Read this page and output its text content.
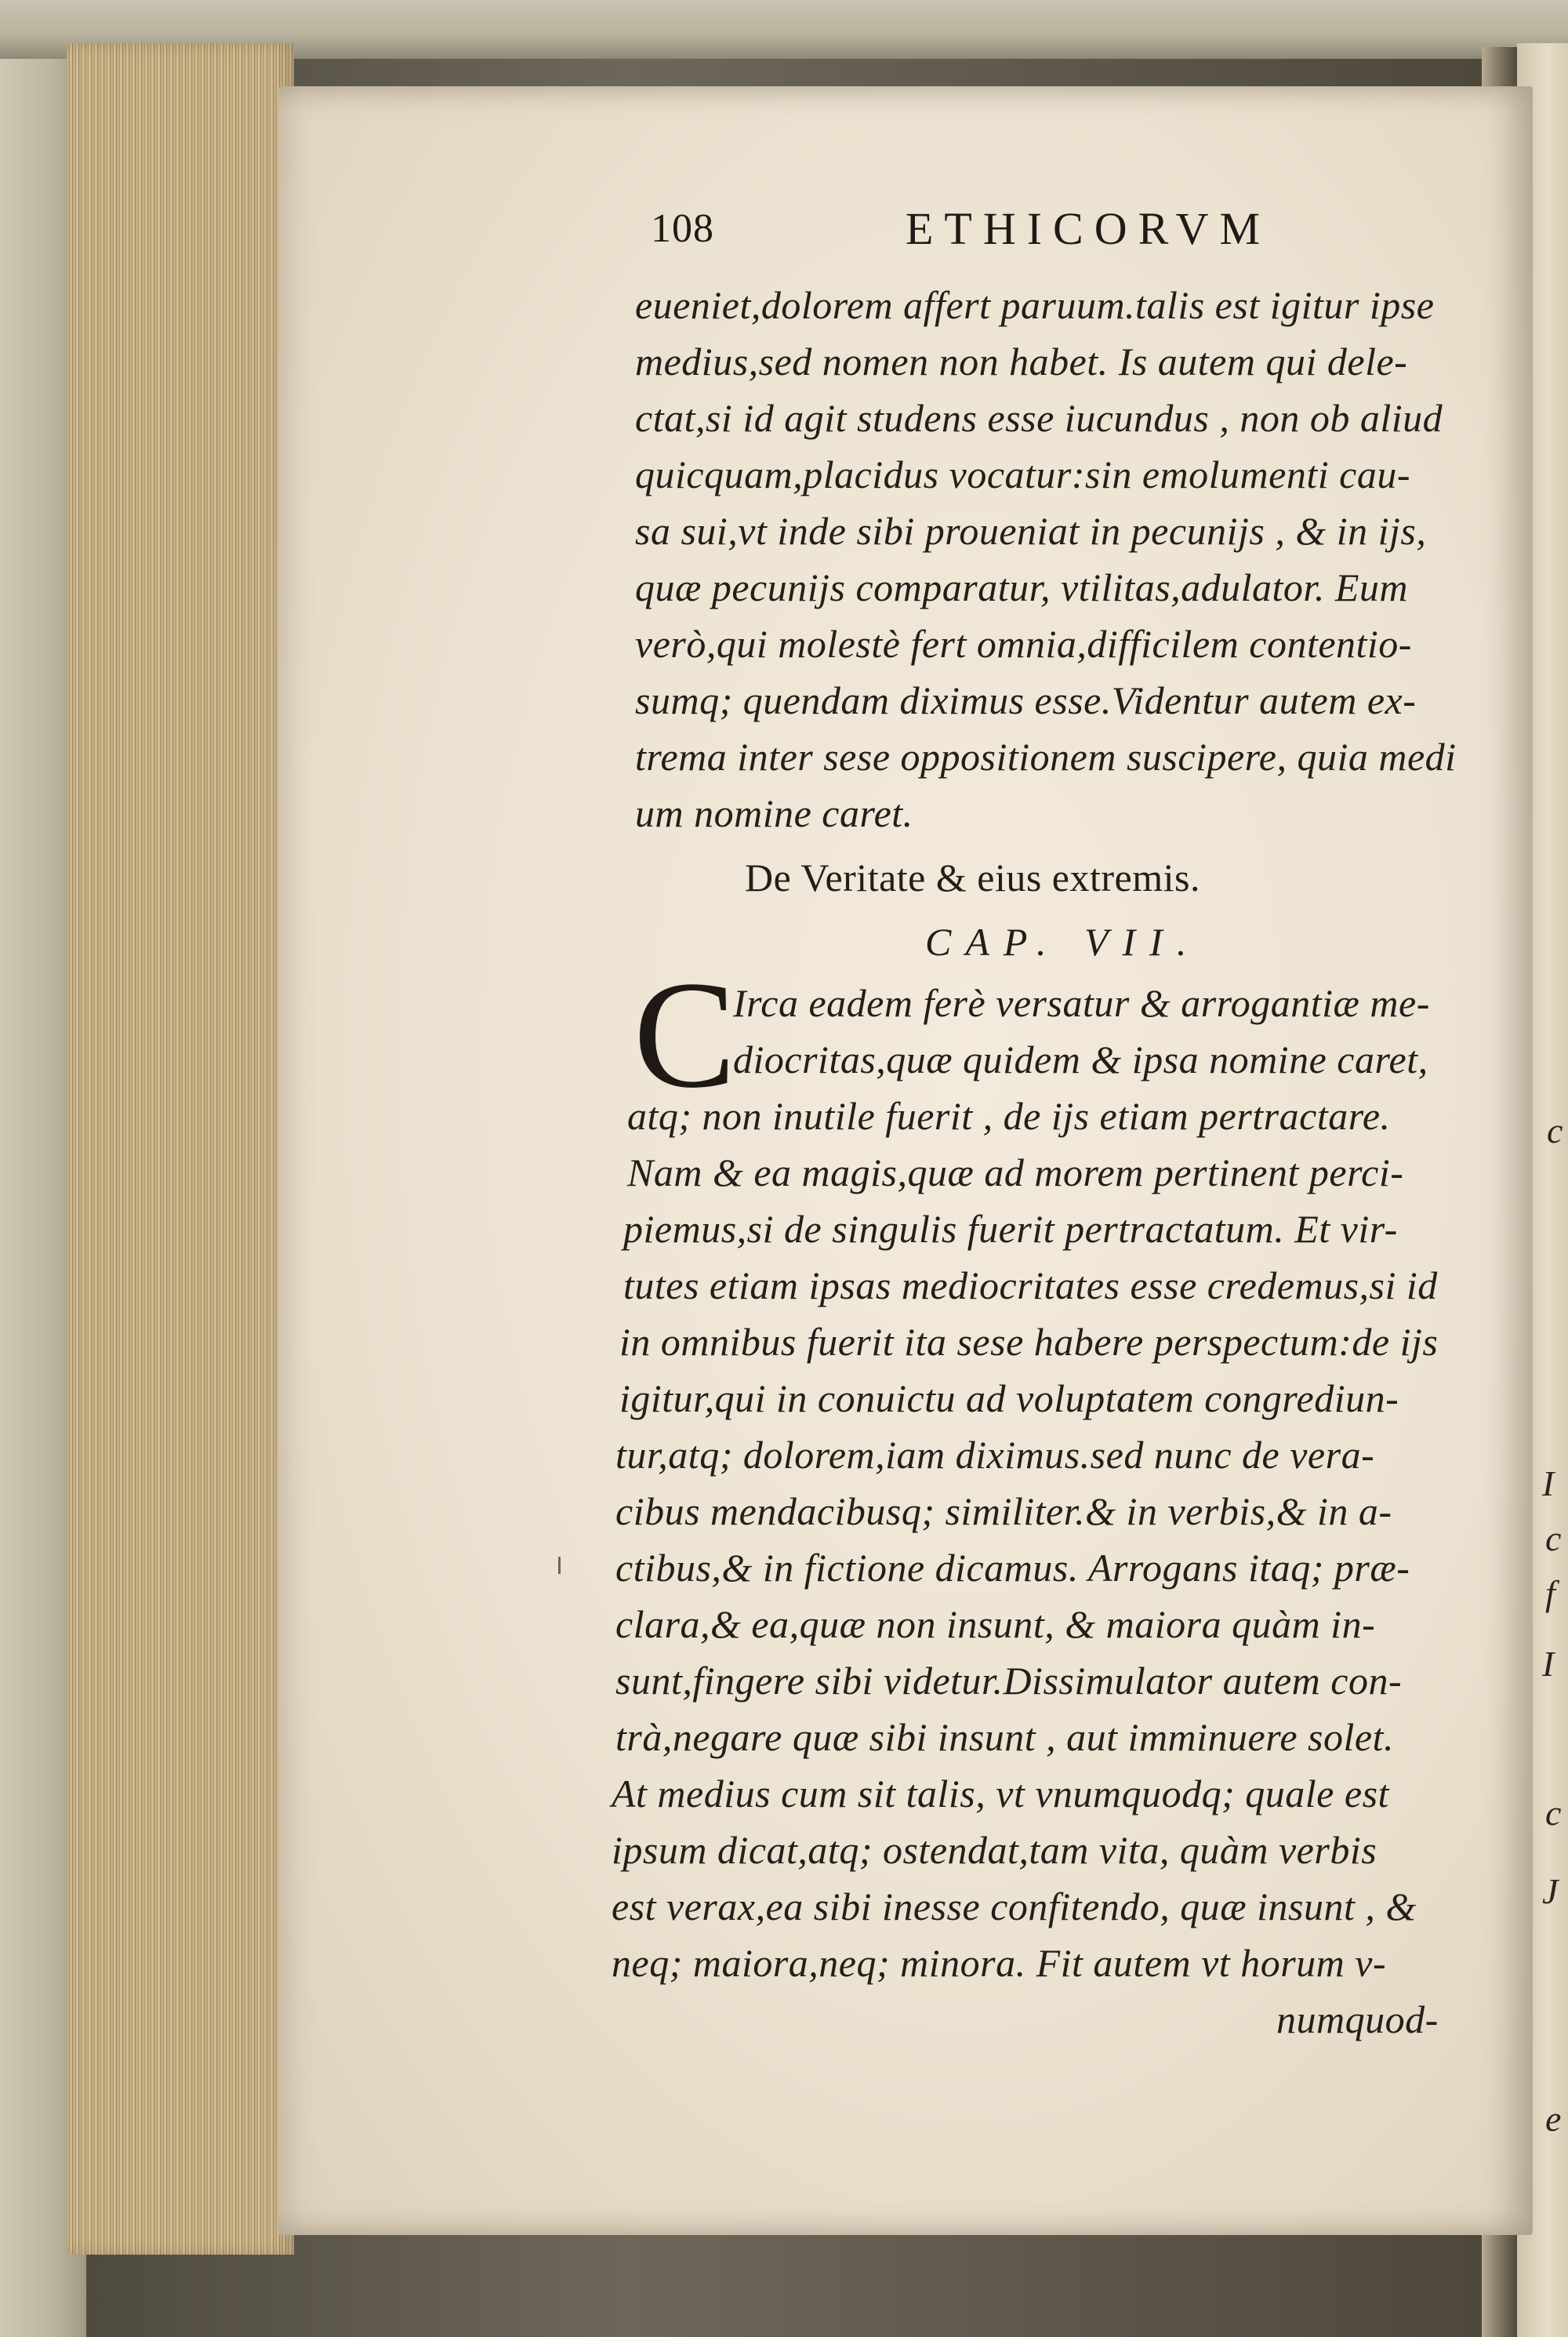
c
I
c
f
I
c
J
e
108	ETHICORVM
eueniet,dolorem affert paruum.talis est igitur ipse
medius,sed nomen non habet. Is autem qui dele-
ctat,si id agit studens esse iucundus , non ob aliud
quicquam,placidus vocatur:sin emolumenti cau-
sa sui,vt inde sibi proueniat in pecunijs , & in ijs,
quæ pecunijs comparatur, vtilitas,adulator. Eum
verò,qui molestè fert omnia,difficilem contentio-
sumq; quendam diximus esse.Videntur autem ex-
trema inter sese oppositionem suscipere, quia medi
um nomine caret.
De Veritate & eius extremis.
CAP. VII.
C
Irca eadem ferè versatur & arrogantiæ me-
diocritas,quæ quidem & ipsa nomine caret,
atq; non inutile fuerit , de ijs etiam pertractare.
Nam & ea magis,quæ ad morem pertinent perci-
piemus,si de singulis fuerit pertractatum. Et vir-
tutes etiam ipsas mediocritates esse credemus,si id
in omnibus fuerit ita sese habere perspectum:de ijs
igitur,qui in conuictu ad voluptatem congrediun-
tur,atq; dolorem,iam diximus.sed nunc de vera-
cibus mendacibusq; similiter.& in verbis,& in a-
ctibus,& in fictione dicamus. Arrogans itaq; præ-
clara,& ea,quæ non insunt, & maiora quàm in-
sunt,fingere sibi videtur.Dissimulator autem con-
trà,negare quæ sibi insunt , aut imminuere solet.
At medius cum sit talis, vt vnumquodq; quale est
ipsum dicat,atq; ostendat,tam vita, quàm verbis
est verax,ea sibi inesse confitendo, quæ insunt , &
neq; maiora,neq; minora. Fit autem vt horum v-
numquod-
